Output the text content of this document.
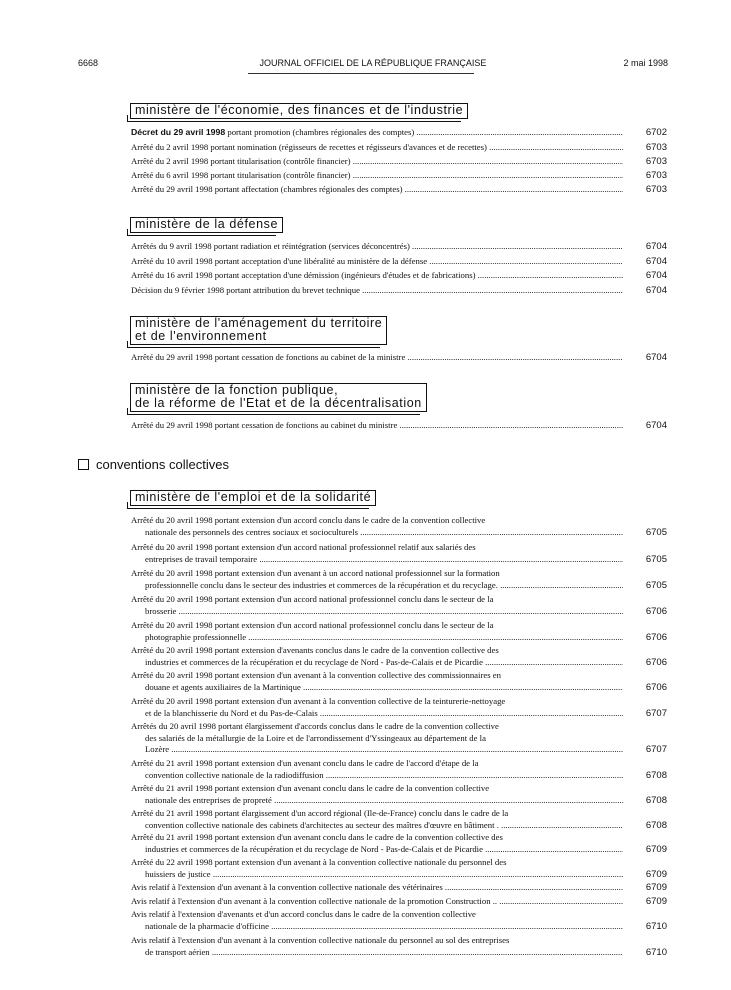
6668	JOURNAL OFFICIEL DE LA RÉPUBLIQUE FRANÇAISE	2 mai 1998
ministère de l'économie, des finances et de l'industrie
Décret du 29 avril 1998 portant promotion (chambres régionales des comptes) .....	6702
Arrêté du 2 avril 1998 portant nomination (régisseurs de recettes et régisseurs d'avances et de recettes) .....	6703
Arrêté du 2 avril 1998 portant titularisation (contrôle financier) .....	6703
Arrêté du 6 avril 1998 portant titularisation (contrôle financier) .....	6703
Arrêté du 29 avril 1998 portant affectation (chambres régionales des comptes) .....	6703
ministère de la défense
Arrêtés du 9 avril 1998 portant radiation et réintégration (services déconcentrés) .....	6704
Arrêté du 10 avril 1998 portant acceptation d'une libéralité au ministère de la défense .....	6704
Arrêté du 16 avril 1998 portant acceptation d'une démission (ingénieurs d'études et de fabrications) .....	6704
Décision du 9 février 1998 portant attribution du brevet technique .....	6704
ministère de l'aménagement du territoire
et de l'environnement
Arrêté du 29 avril 1998 portant cessation de fonctions au cabinet de la ministre .....	6704
ministère de la fonction publique,
de la réforme de l'Etat et de la décentralisation
Arrêté du 29 avril 1998 portant cessation de fonctions au cabinet du ministre .....	6704
conventions collectives
ministère de l'emploi et de la solidarité
Arrêté du 20 avril 1998 portant extension d'un accord conclu dans le cadre de la convention collective
nationale des personnels des centres sociaux et socioculturels .....	6705
Arrêté du 20 avril 1998 portant extension d'un accord national professionnel relatif aux salariés des
entreprises de travail temporaire .....	6705
Arrêté du 20 avril 1998 portant extension d'un avenant à un accord national professionnel sur la formation
professionnelle conclu dans le secteur des industries et commerces de la récupération et du recyclage. .....	6705
Arrêté du 20 avril 1998 portant extension d'un accord national professionnel conclu dans le secteur de la
brosserie .....	6706
Arrêté du 20 avril 1998 portant extension d'un accord national professionnel conclu dans le secteur de la
photographie professionnelle .....	6706
Arrêté du 20 avril 1998 portant extension d'avenants conclus dans le cadre de la convention collective des
industries et commerces de la récupération et du recyclage de Nord - Pas-de-Calais et de Picardie .....	6706
Arrêté du 20 avril 1998 portant extension d'un avenant à la convention collective des commissionnaires en
douane et agents auxiliaires de la Martinique .....	6706
Arrêté du 20 avril 1998 portant extension d'un avenant à la convention collective de la teinturerie-nettoyage
et de la blanchisserie du Nord et du Pas-de-Calais .....	6707
Arrêtés du 20 avril 1998 portant élargissement d'accords conclus dans le cadre de la convention collective
des salariés de la métallurgie de la Loire et de l'arrondissement d'Yssingeaux au département de la
Lozère .....	6707
Arrêté du 21 avril 1998 portant extension d'un avenant conclu dans le cadre de l'accord d'étape de la
convention collective nationale de la radiodiffusion .....	6708
Arrêté du 21 avril 1998 portant extension d'un avenant conclu dans le cadre de la convention collective
nationale des entreprises de propreté .....	6708
Arrêté du 21 avril 1998 portant élargissement d'un accord régional (Ile-de-France) conclu dans le cadre de la
convention collective nationale des cabinets d'architectes au secteur des maîtres d'œuvre en bâtiment . .....	6708
Arrêté du 21 avril 1998 portant extension d'un avenant conclu dans le cadre de la convention collective des
industries et commerces de la récupération et du recyclage de Nord - Pas-de-Calais et de Picardie .....	6709
Arrêté du 22 avril 1998 portant extension d'un avenant à la convention collective nationale du personnel des
huissiers de justice .....	6709
Avis relatif à l'extension d'un avenant à la convention collective nationale des vétérinaires .....	6709
Avis relatif à l'extension d'un avenant à la convention collective nationale de la promotion Construction .. .....	6709
Avis relatif à l'extension d'avenants et d'un accord conclus dans le cadre de la convention collective
nationale de la pharmacie d'officine .....	6710
Avis relatif à l'extension d'un avenant à la convention collective nationale du personnel au sol des entreprises
de transport aérien .....	6710
